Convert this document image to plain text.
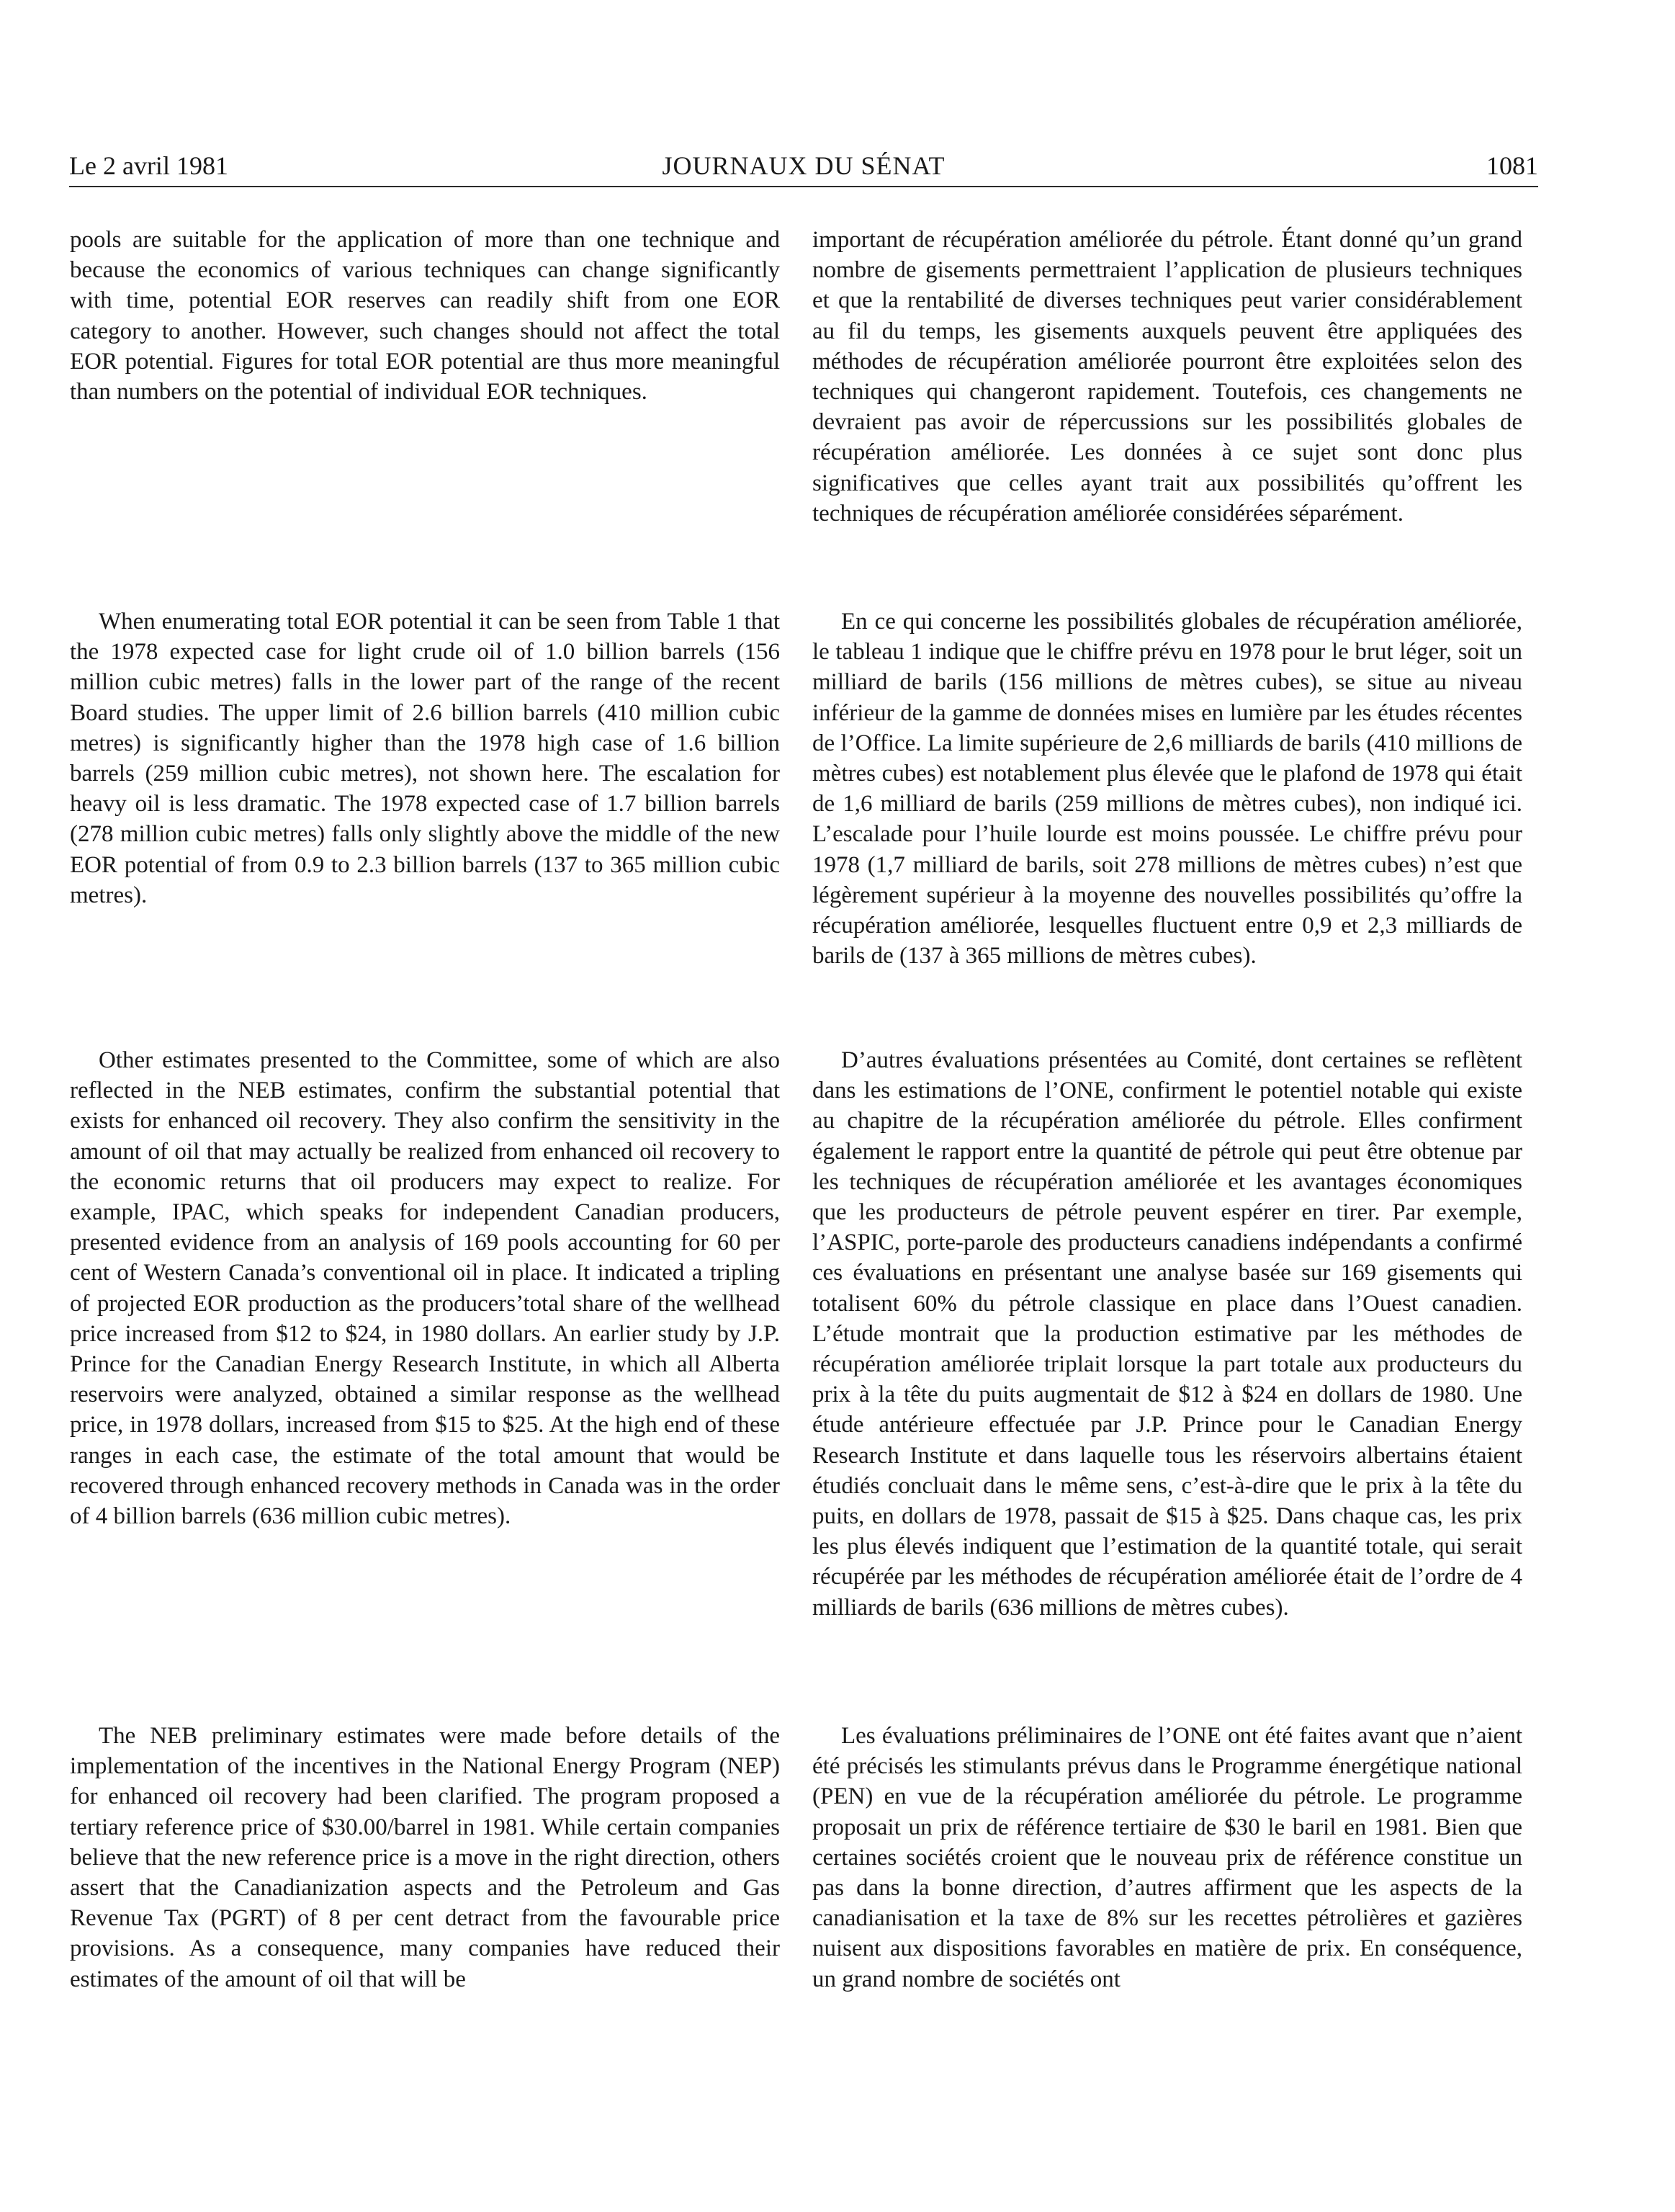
Le 2 avril 1981	JOURNAUX DU SÉNAT	1081

pools are suitable for the application of more than one technique and because the economics of various techniques can change significantly with time, potential EOR reserves can readily shift from one EOR category to another. However, such changes should not affect the total EOR potential. Figures for total EOR potential are thus more meaningful than numbers on the potential of individual EOR techniques.

When enumerating total EOR potential it can be seen from Table 1 that the 1978 expected case for light crude oil of 1.0 billion barrels (156 million cubic metres) falls in the lower part of the range of the recent Board studies. The upper limit of 2.6 billion barrels (410 million cubic metres) is significantly higher than the 1978 high case of 1.6 billion barrels (259 million cubic metres), not shown here. The escalation for heavy oil is less dramatic. The 1978 expected case of 1.7 billion barrels (278 million cubic metres) falls only slightly above the middle of the new EOR potential of from 0.9 to 2.3 billion barrels (137 to 365 million cubic metres).

Other estimates presented to the Committee, some of which are also reflected in the NEB estimates, confirm the substantial potential that exists for enhanced oil recovery. They also confirm the sensitivity in the amount of oil that may actually be realized from enhanced oil recovery to the economic returns that oil producers may expect to realize. For example, IPAC, which speaks for independent Canadian producers, presented evidence from an analysis of 169 pools accounting for 60 per cent of Western Canada’s conventional oil in place. It indicated a tripling of projected EOR production as the producers’total share of the wellhead price increased from $12 to $24, in 1980 dollars. An earlier study by J.P. Prince for the Canadian Energy Research Institute, in which all Alberta reservoirs were analyzed, obtained a similar response as the wellhead price, in 1978 dollars, increased from $15 to $25. At the high end of these ranges in each case, the estimate of the total amount that would be recovered through enhanced recovery methods in Canada was in the order of 4 billion barrels (636 million cubic metres).

The NEB preliminary estimates were made before details of the implementation of the incentives in the National Energy Program (NEP) for enhanced oil recovery had been clarified. The program proposed a tertiary reference price of $30.00/barrel in 1981. While certain companies believe that the new reference price is a move in the right direction, others assert that the Canadianization aspects and the Petroleum and Gas Revenue Tax (PGRT) of 8 per cent detract from the favourable price provisions. As a consequence, many companies have reduced their estimates of the amount of oil that will be

important de récupération améliorée du pétrole. Étant donné qu’un grand nombre de gisements permettraient l’application de plusieurs techniques et que la rentabilité de diverses techniques peut varier considérablement au fil du temps, les gisements auxquels peuvent être appliquées des méthodes de récupération améliorée pourront être exploitées selon des techniques qui changeront rapidement. Toutefois, ces changements ne devraient pas avoir de répercussions sur les possibilités globales de récupération améliorée. Les données à ce sujet sont donc plus significatives que celles ayant trait aux possibilités qu’offrent les techniques de récupération améliorée considérées séparément.

En ce qui concerne les possibilités globales de récupération améliorée, le tableau 1 indique que le chiffre prévu en 1978 pour le brut léger, soit un milliard de barils (156 millions de mètres cubes), se situe au niveau inférieur de la gamme de données mises en lumière par les études récentes de l’Office. La limite supérieure de 2,6 milliards de barils (410 millions de mètres cubes) est notablement plus élevée que le plafond de 1978 qui était de 1,6 milliard de barils (259 millions de mètres cubes), non indiqué ici. L’escalade pour l’huile lourde est moins poussée. Le chiffre prévu pour 1978 (1,7 milliard de barils, soit 278 millions de mètres cubes) n’est que légèrement supérieur à la moyenne des nouvelles possibilités qu’offre la récupération améliorée, lesquelles fluctuent entre 0,9 et 2,3 milliards de barils de (137 à 365 millions de mètres cubes).

D’autres évaluations présentées au Comité, dont certaines se reflètent dans les estimations de l’ONE, confirment le potentiel notable qui existe au chapitre de la récupération améliorée du pétrole. Elles confirment également le rapport entre la quantité de pétrole qui peut être obtenue par les techniques de récupération améliorée et les avantages économiques que les producteurs de pétrole peuvent espérer en tirer. Par exemple, l’ASPIC, porte-parole des producteurs canadiens indépendants a confirmé ces évaluations en présentant une analyse basée sur 169 gisements qui totalisent 60% du pétrole classique en place dans l’Ouest canadien. L’étude montrait que la production estimative par les méthodes de récupération améliorée triplait lorsque la part totale aux producteurs du prix à la tête du puits augmentait de $12 à $24 en dollars de 1980. Une étude antérieure effectuée par J.P. Prince pour le Canadian Energy Research Institute et dans laquelle tous les réservoirs albertains étaient étudiés concluait dans le même sens, c’est-à-dire que le prix à la tête du puits, en dollars de 1978, passait de $15 à $25. Dans chaque cas, les prix les plus élevés indiquent que l’estimation de la quantité totale, qui serait récupérée par les méthodes de récupération améliorée était de l’ordre de 4 milliards de barils (636 millions de mètres cubes).

Les évaluations préliminaires de l’ONE ont été faites avant que n’aient été précisés les stimulants prévus dans le Programme énergétique national (PEN) en vue de la récupération améliorée du pétrole. Le programme proposait un prix de référence tertiaire de $30 le baril en 1981. Bien que certaines sociétés croient que le nouveau prix de référence constitue un pas dans la bonne direction, d’autres affirment que les aspects de la canadianisation et la taxe de 8% sur les recettes pétrolières et gazières nuisent aux dispositions favorables en matière de prix. En conséquence, un grand nombre de sociétés ont
